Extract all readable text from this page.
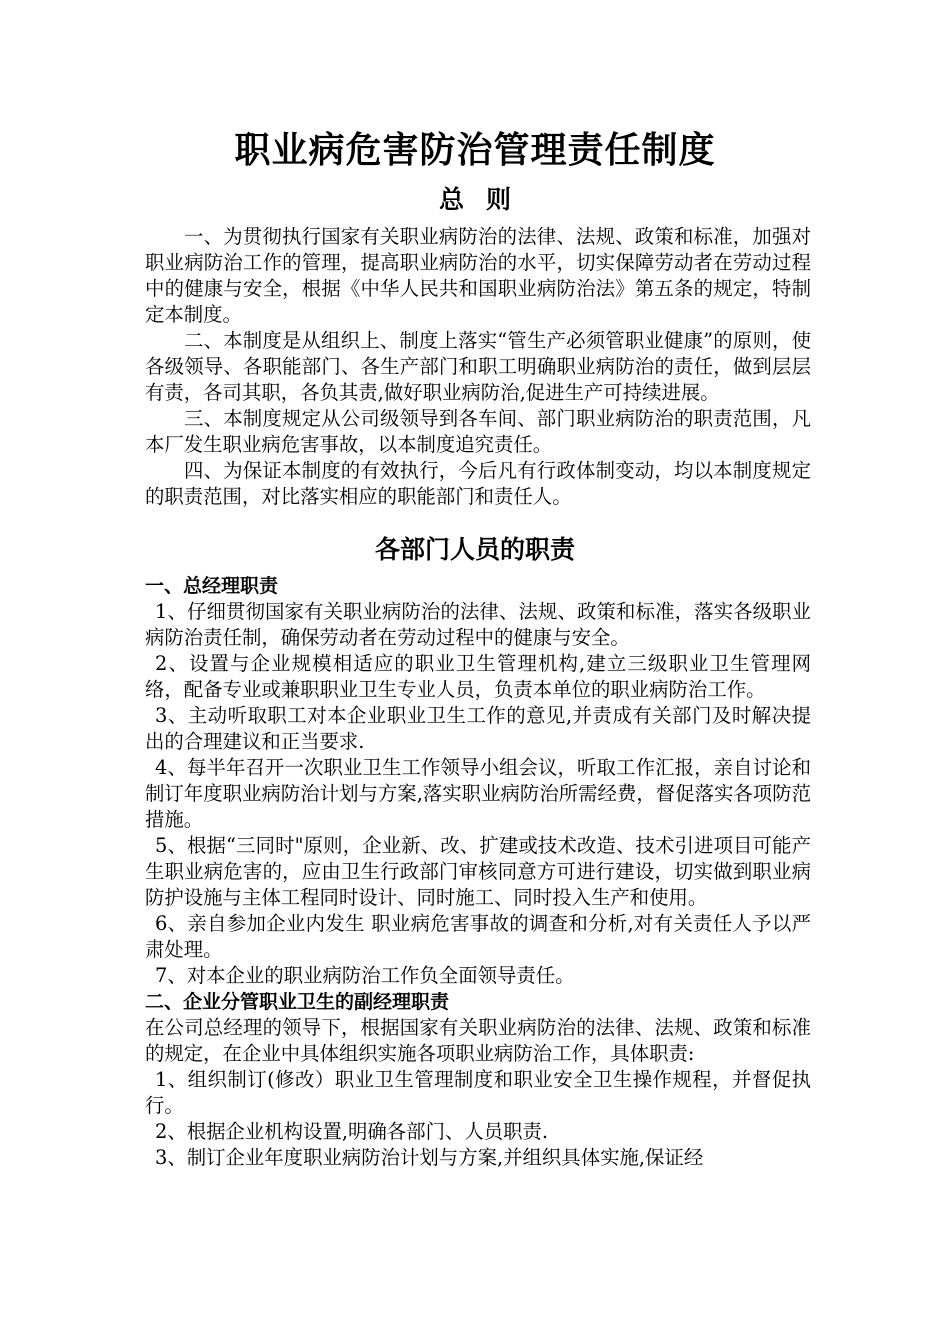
职业病危害防治管理责任制度
总则

一、为贯彻执行国家有关职业病防治的法律、法规、政策和标准，加强对职业病防治工作的管理，提高职业病防治的水平，切实保障劳动者在劳动过程中的健康与安全，根据《中华人民共和国职业病防治法》第五条的规定，特制定本制度。

二、本制度是从组织上、制度上落实“管生产必须管职业健康”的原则，使各级领导、各职能部门、各生产部门和职工明确职业病防治的责任，做到层层有责，各司其职，各负其责,做好职业病防治,促进生产可持续进展。

三、本制度规定从公司级领导到各车间、部门职业病防治的职责范围，凡本厂发生职业病危害事故，以本制度追究责任。

四、为保证本制度的有效执行，今后凡有行政体制变动，均以本制度规定的职责范围，对比落实相应的职能部门和责任人。

各部门人员的职责

一、总经理职责

1、仔细贯彻国家有关职业病防治的法律、法规、政策和标准，落实各级职业病防治责任制，确保劳动者在劳动过程中的健康与安全。

2、设置与企业规模相适应的职业卫生管理机构,建立三级职业卫生管理网络，配备专业或兼职职业卫生专业人员，负责本单位的职业病防治工作。

3、主动听取职工对本企业职业卫生工作的意见,并责成有关部门及时解决提出的合理建议和正当要求.

4、每半年召开一次职业卫生工作领导小组会议，听取工作汇报，亲自讨论和制订年度职业病防治计划与方案,落实职业病防治所需经费，督促落实各项防范措施。

5、根据“三同时"原则，企业新、改、扩建或技术改造、技术引进项目可能产生职业病危害的，应由卫生行政部门审核同意方可进行建设，切实做到职业病防护设施与主体工程同时设计、同时施工、同时投入生产和使用。

6、亲自参加企业内发生 职业病危害事故的调查和分析,对有关责任人予以严肃处理。

7、对本企业的职业病防治工作负全面领导责任。

二、企业分管职业卫生的副经理职责

在公司总经理的领导下，根据国家有关职业病防治的法律、法规、政策和标准的规定，在企业中具体组织实施各项职业病防治工作，具体职责:

1、组织制订(修改）职业卫生管理制度和职业安全卫生操作规程，并督促执行。

2、根据企业机构设置,明确各部门、人员职责.

3、制订企业年度职业病防治计划与方案,并组织具体实施,保证经
